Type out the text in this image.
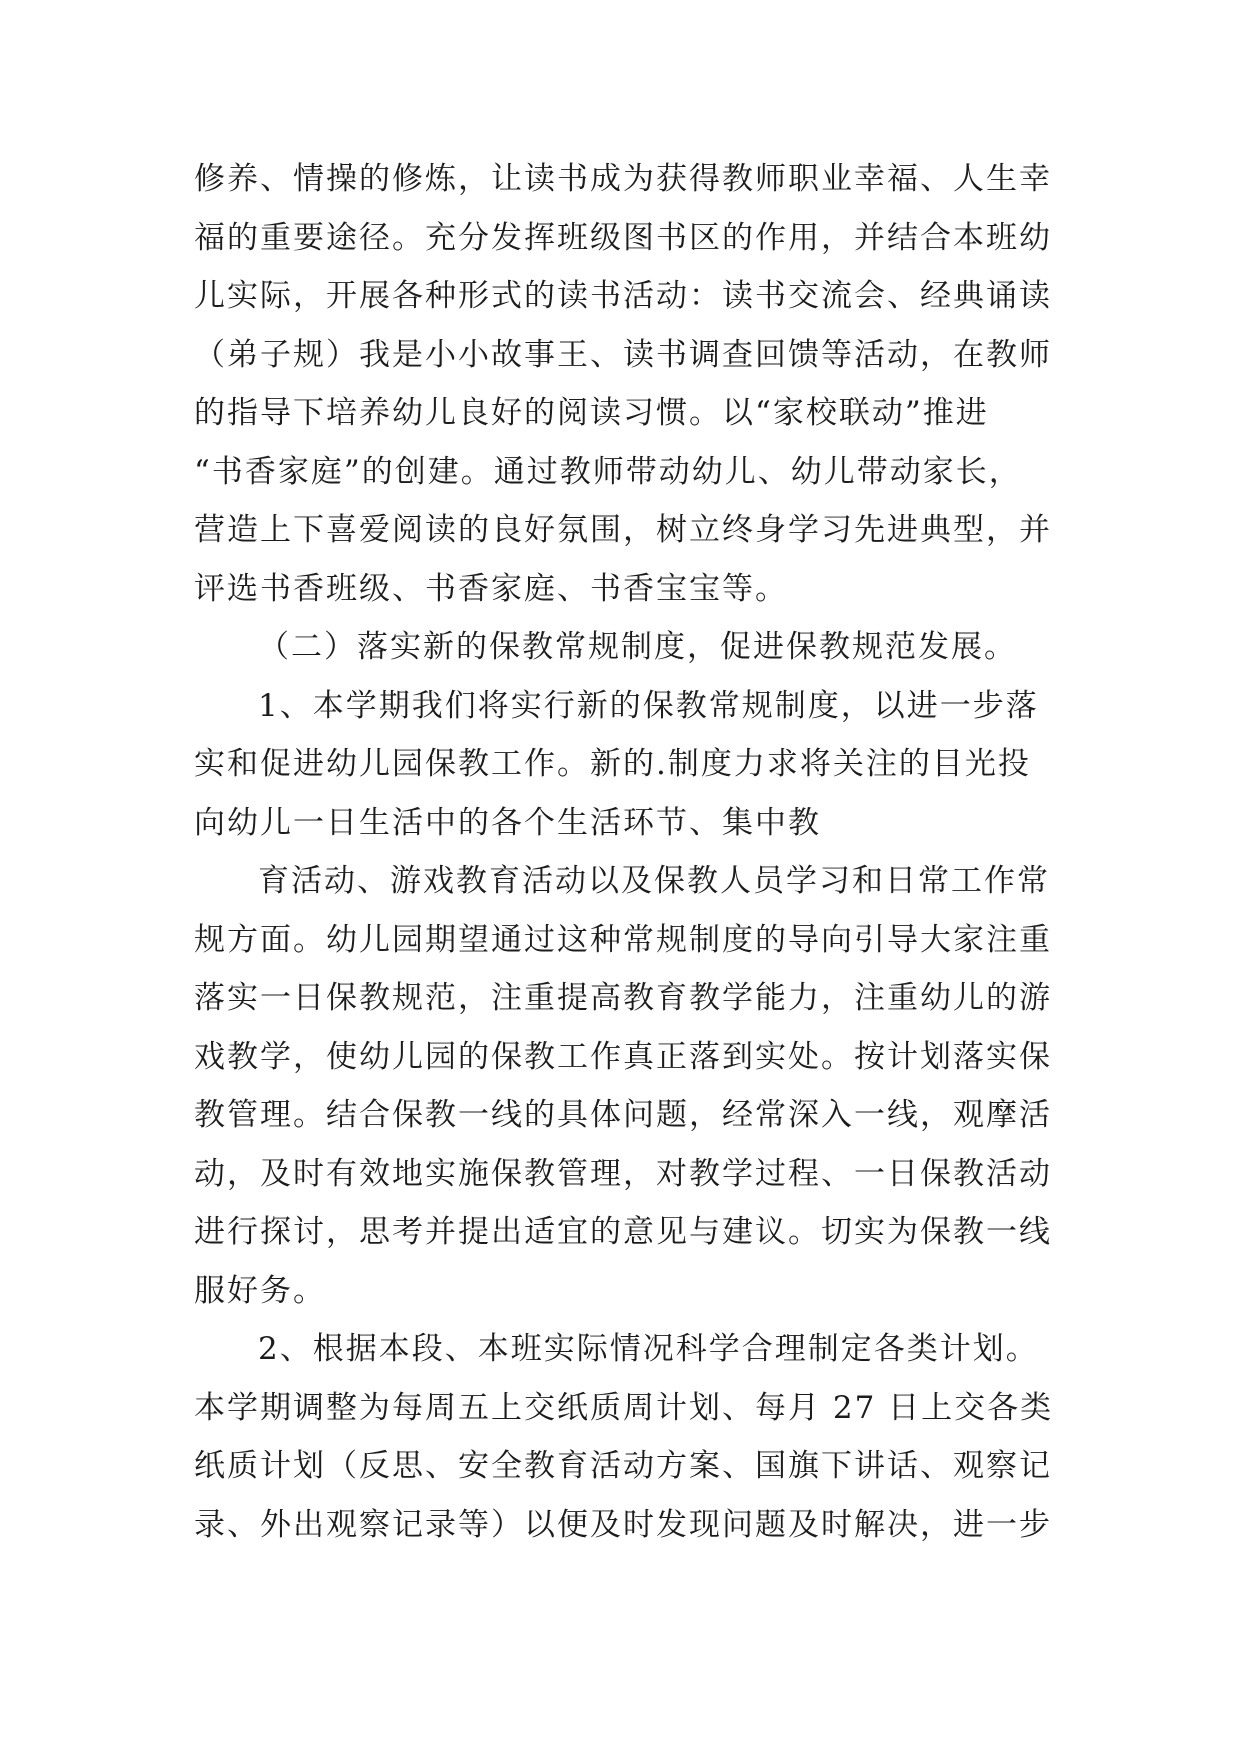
修养、情操的修炼，让读书成为获得教师职业幸福、人生幸
福的重要途径。充分发挥班级图书区的作用，并结合本班幼
儿实际，开展各种形式的读书活动：读书交流会、经典诵读
（弟子规）我是小小故事王、读书调查回馈等活动，在教师
的指导下培养幼儿良好的阅读习惯。以“家校联动”推进
“书香家庭”的创建。通过教师带动幼儿、幼儿带动家长，
营造上下喜爱阅读的良好氛围，树立终身学习先进典型，并
评选书香班级、书香家庭、书香宝宝等。
（二）落实新的保教常规制度，促进保教规范发展。
1、本学期我们将实行新的保教常规制度，以进一步落
实和促进幼儿园保教工作。新的.制度力求将关注的目光投
向幼儿一日生活中的各个生活环节、集中教
育活动、游戏教育活动以及保教人员学习和日常工作常
规方面。幼儿园期望通过这种常规制度的导向引导大家注重
落实一日保教规范，注重提高教育教学能力，注重幼儿的游
戏教学，使幼儿园的保教工作真正落到实处。按计划落实保
教管理。结合保教一线的具体问题，经常深入一线，观摩活
动，及时有效地实施保教管理，对教学过程、一日保教活动
进行探讨，思考并提出适宜的意见与建议。切实为保教一线
服好务。
2、根据本段、本班实际情况科学合理制定各类计划。
本学期调整为每周五上交纸质周计划、每月 27 日上交各类
纸质计划（反思、安全教育活动方案、国旗下讲话、观察记
录、外出观察记录等）以便及时发现问题及时解决，进一步
